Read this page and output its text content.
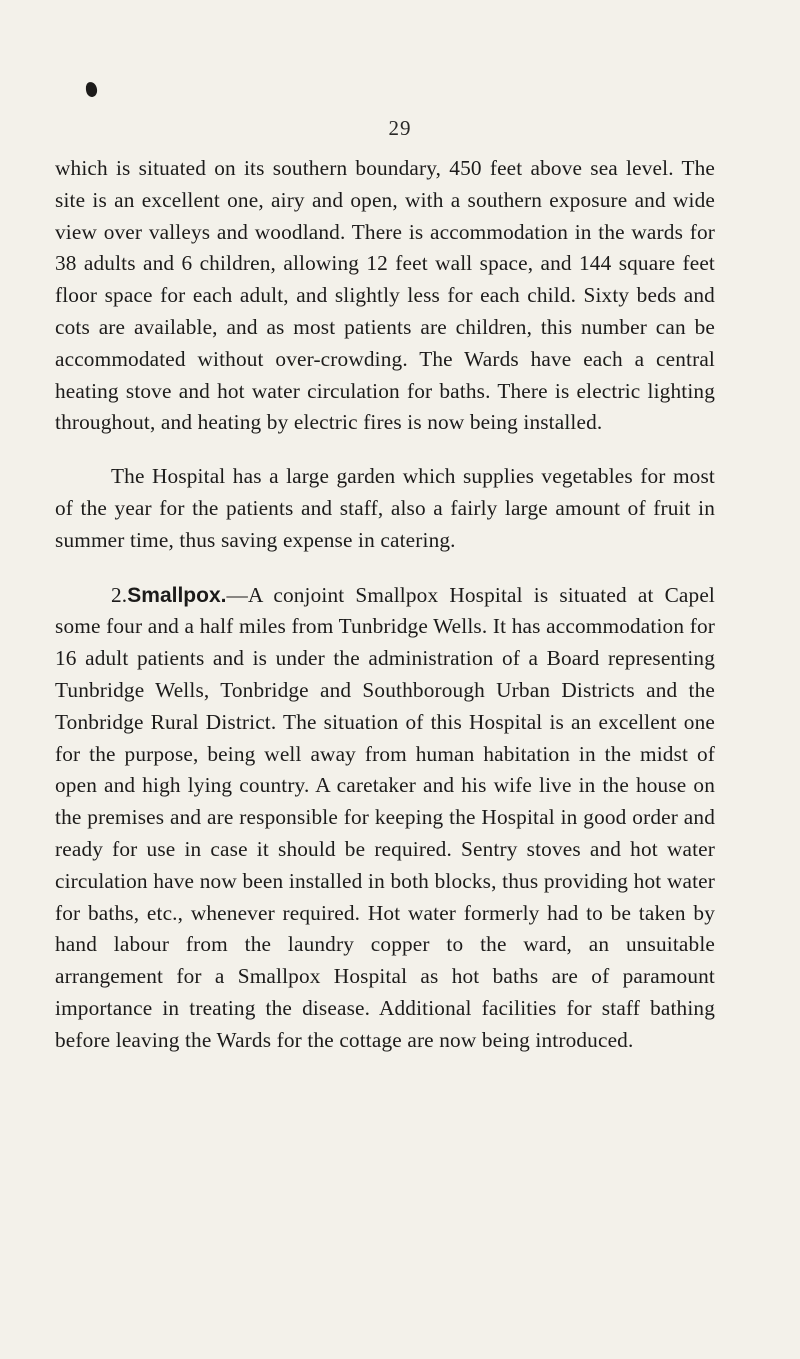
29

which is situated on its southern boundary, 450 feet above sea level. The site is an excellent one, airy and open, with a southern exposure and wide view over valleys and woodland. There is accommodation in the wards for 38 adults and 6 children, allowing 12 feet wall space, and 144 square feet floor space for each adult, and slightly less for each child. Sixty beds and cots are available, and as most patients are children, this number can be accommodated without over-crowding. The Wards have each a central heating stove and hot water circulation for baths. There is electric lighting throughout, and heating by electric fires is now being installed.

The Hospital has a large garden which supplies vegetables for most of the year for the patients and staff, also a fairly large amount of fruit in summer time, thus saving expense in catering.

2.Smallpox.—A conjoint Smallpox Hospital is situated at Capel some four and a half miles from Tunbridge Wells. It has accommodation for 16 adult patients and is under the administration of a Board representing Tunbridge Wells, Tonbridge and Southborough Urban Districts and the Tonbridge Rural District. The situation of this Hospital is an excellent one for the purpose, being well away from human habitation in the midst of open and high lying country. A caretaker and his wife live in the house on the premises and are responsible for keeping the Hospital in good order and ready for use in case it should be required. Sentry stoves and hot water circulation have now been installed in both blocks, thus providing hot water for baths, etc., whenever required. Hot water formerly had to be taken by hand labour from the laundry copper to the ward, an unsuitable arrangement for a Smallpox Hospital as hot baths are of paramount importance in treating the disease. Additional facilities for staff bathing before leaving the Wards for the cottage are now being introduced.
